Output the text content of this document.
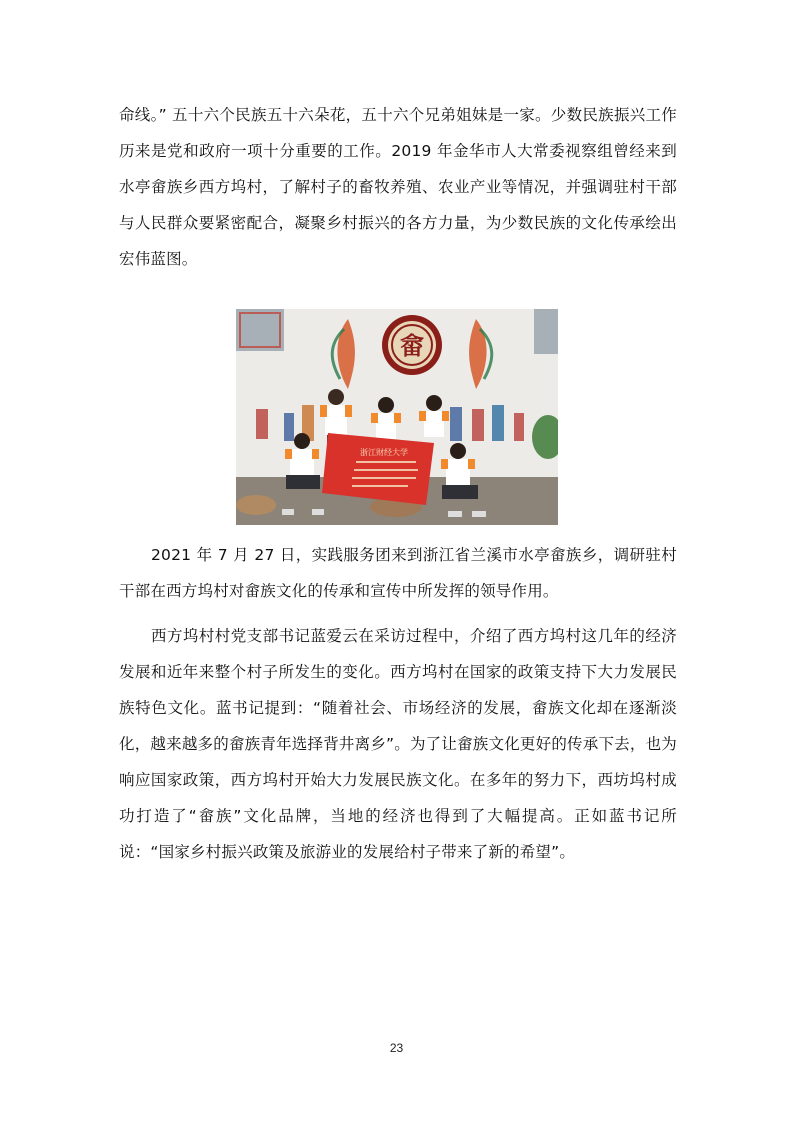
命线。” 五十六个民族五十六朵花，五十六个兄弟姐妹是一家。少数民族振兴工作历来是党和政府一项十分重要的工作。2019 年金华市人大常委视察组曾经来到水亭畲族乡西方坞村，了解村子的畜牧养殖、农业产业等情况，并强调驻村干部与人民群众要紧密配合，凝聚乡村振兴的各方力量，为少数民族的文化传承绘出宏伟蓝图。

畲
浙江财经大学

2021 年 7 月 27 日，实践服务团来到浙江省兰溪市水亭畲族乡，调研驻村干部在西方坞村对畲族文化的传承和宣传中所发挥的领导作用。

西方坞村村党支部书记蓝爱云在采访过程中，介绍了西方坞村这几年的经济发展和近年来整个村子所发生的变化。西方坞村在国家的政策支持下大力发展民族特色文化。蓝书记提到：“随着社会、市场经济的发展，畲族文化却在逐渐淡化，越来越多的畲族青年选择背井离乡”。为了让畲族文化更好的传承下去，也为响应国家政策，西方坞村开始大力发展民族文化。在多年的努力下，西坊坞村成功打造了“畲族”文化品牌，当地的经济也得到了大幅提高。正如蓝书记所说：“国家乡村振兴政策及旅游业的发展给村子带来了新的希望”。

23
